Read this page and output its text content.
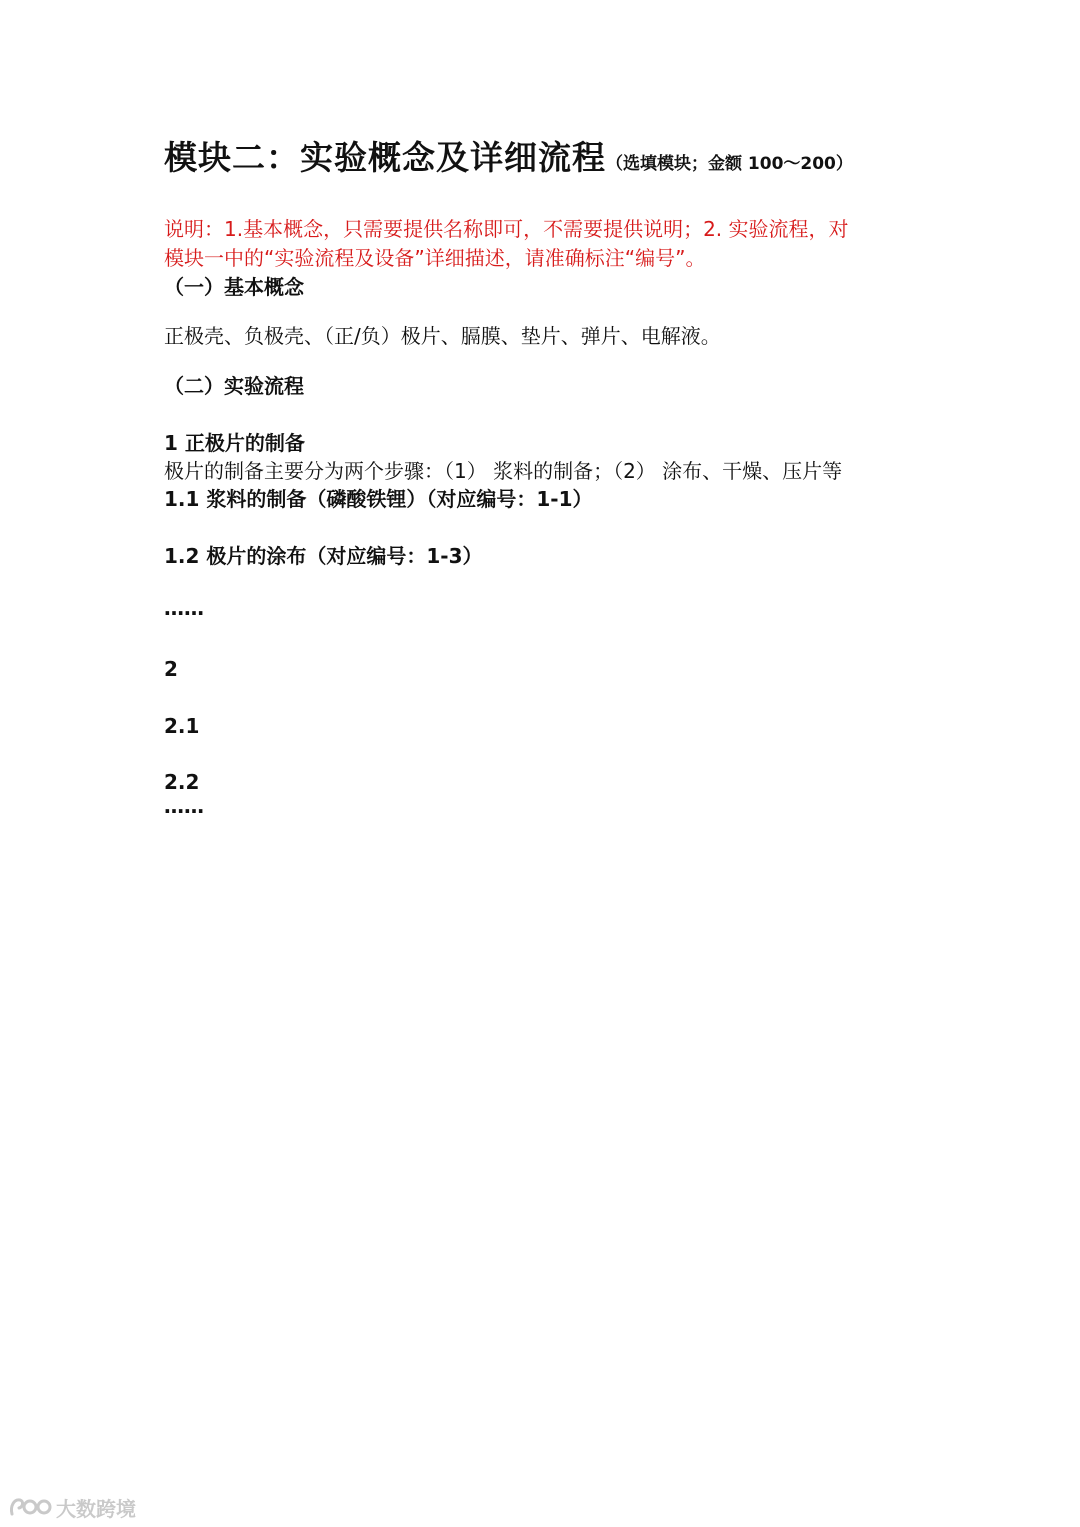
模块二：实验概念及详细流程（选填模块；金额 100～200）
说明：1.基本概念，只需要提供名称即可，不需要提供说明；2. 实验流程，对
模块一中的“实验流程及设备”详细描述，请准确标注“编号”。
（一）基本概念
正极壳、负极壳、（正/负）极片、膈膜、垫片、弹片、电解液。
（二）实验流程
1 正极片的制备
极片的制备主要分为两个步骤：（1） 浆料的制备；（2） 涂布、干燥、压片等
1.1 浆料的制备（磷酸铁锂）（对应编号：1-1）
1.2 极片的涂布（对应编号：1-3）
……
2
2.1
2.2
……
大数跨境
